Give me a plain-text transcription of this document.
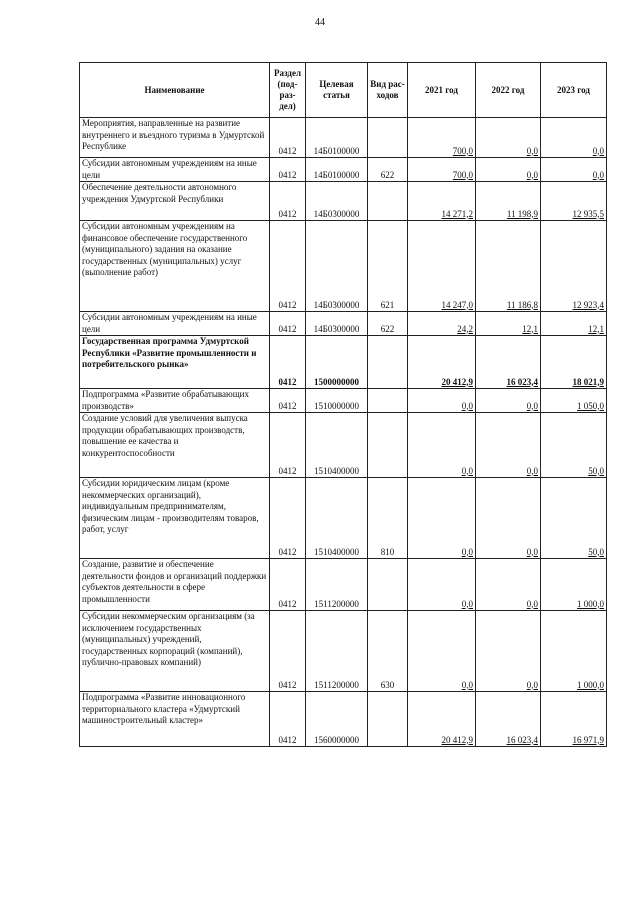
44
Наименование	Раздел (под- раз- дел)	Целевая статья	Вид рас- ходов	2021 год	2022 год	2023 год
Мероприятия, направленные на развитие внутреннего и въездного туризма в Удмуртской Республике	0412	14Б0100000		700,0	0,0	0,0
Субсидии автономным учреждениям на иные цели	0412	14Б0100000	622	700,0	0,0	0,0
Обеспечение деятельности автономного учреждения Удмуртской Республики	0412	14Б0300000		14 271,2	11 198,9	12 935,5
Субсидии автономным учреждениям на финансовое обеспечение государственного (муниципального) задания на оказание государственных (муниципальных) услуг (выполнение работ)	0412	14Б0300000	621	14 247,0	11 186,8	12 923,4
Субсидии автономным учреждениям на иные цели	0412	14Б0300000	622	24,2	12,1	12,1
Государственная программа Удмуртской Республики «Развитие промышленности и потребительского рынка»	0412	1500000000		20 412,9	16 023,4	18 021,9
Подпрограмма «Развитие обрабатывающих производств»	0412	1510000000		0,0	0,0	1 050,0
Создание условий для увеличения выпуска продукции обрабатывающих производств, повышение ее качества и конкурентоспособности	0412	1510400000		0,0	0,0	50,0
Субсидии юридическим лицам (кроме некоммерческих организаций), индивидуальным предпринимателям, физическим лицам - производителям товаров, работ, услуг	0412	1510400000	810	0,0	0,0	50,0
Создание, развитие и обеспечение деятельности фондов и организаций поддержки субъектов деятельности в сфере промышленности	0412	1511200000		0,0	0,0	1 000,0
Субсидии некоммерческим организациям (за исключением государственных (муниципальных) учреждений, государственных корпораций (компаний), публично-правовых компаний)	0412	1511200000	630	0,0	0,0	1 000,0
Подпрограмма «Развитие инновационного территориального кластера «Удмуртский машиностроительный кластер»	0412	1560000000		20 412,9	16 023,4	16 971,9
